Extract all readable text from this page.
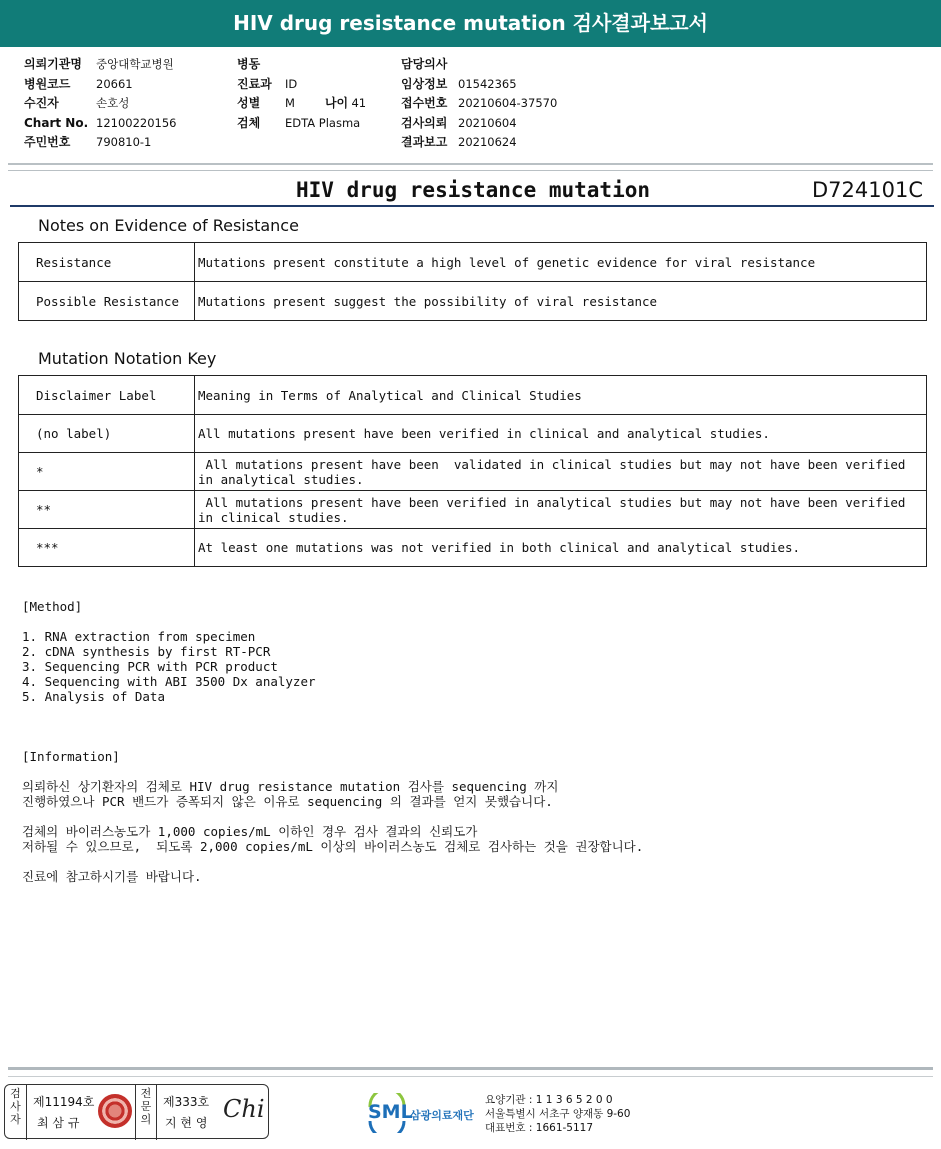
HIV drug resistance mutation 검사결과보고서
의뢰기관명 중앙대학교병원
병원코드 20661
수진자	손호성
Chart No. 12100220156
주민번호 790810-1
병동
진료과 ID
성별 M	나이 41
검체 EDTA Plasma
담당의사
임상정보 01542365
접수번호 20210604-37570
검사의뢰 20210604
결과보고 20210624
HIV drug resistance mutation	D724101C
Notes on Evidence of Resistance
Resistance	Mutations present constitute a high level of genetic evidence for viral resistance
Possible Resistance	Mutations present suggest the possibility of viral resistance
Mutation Notation Key
Disclaimer Label	Meaning in Terms of Analytical and Clinical Studies
(no label)	All mutations present have been verified in clinical and analytical studies.
*	All mutations present have been  validated in clinical studies but may not have been verified
in analytical studies.
**	All mutations present have been verified in analytical studies but may not have been verified
in clinical studies.
***	At least one mutations was not verified in both clinical and analytical studies.
[Method]
1. RNA extraction from specimen
2. cDNA synthesis by first RT-PCR
3. Sequencing PCR with PCR product
4. Sequencing with ABI 3500 Dx analyzer
5. Analysis of Data
[Information]
의뢰하신 상기환자의 검체로 HIV drug resistance mutation 검사를 sequencing 까지
진행하였으나 PCR 밴드가 증폭되지 않은 이유로 sequencing 의 결과를 얻지 못했습니다.
검체의 바이러스농도가 1,000 copies/mL 이하인 경우 검사 결과의 신뢰도가
저하될 수 있으므로,  되도록 2,000 copies/mL 이상의 바이러스농도 검체로 검사하는 것을 권장합니다.
진료에 참고하시기를 바랍니다.
검사자
제11194호
최 삼 규
전문의
제333호
지 현 영 Chi	SML
삼광의료재단
요양기관 : 1 1 3 6 5 2 0 0
서울특별시 서초구 양재동 9-60
대표번호 : 1661-5117
